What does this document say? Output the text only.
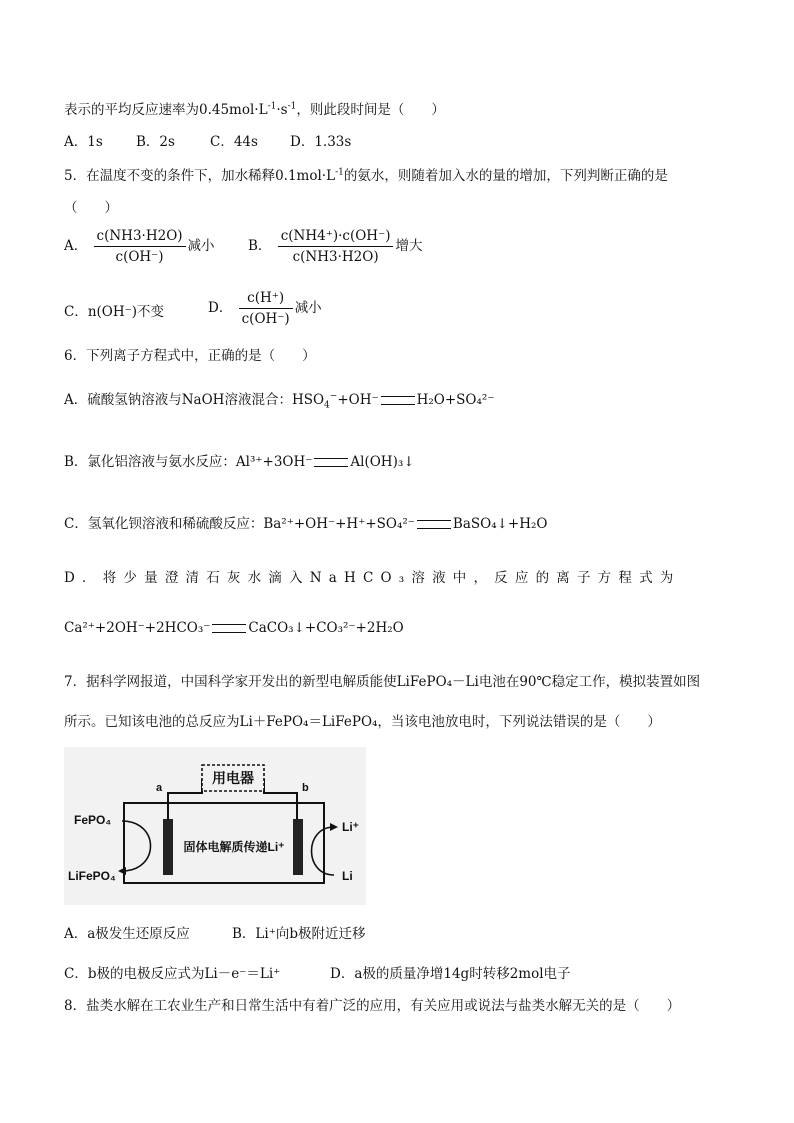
表示的平均反应速率为$0.45mol\cdot L^{-1}\cdot s^{-1}$，则此段时间是（　　）
A．1s B．2s	C．44s D．1.33s
5．在温度不变的条件下，加水稀释$0.1mol\cdot L^{-1}$的氨水，则随着加入水的量的增加，下列判断正确的是
（　　）
A． $\frac{c(NH3\cdot H2O)}{c(OH^-)}$ 减小 B． $\frac{c(NH4^+)\cdot c(OH^-)}{c(NH3\cdot H2O)}$ 增大
C．n(OH⁻)不变	D． $\frac{c(H^+)}{c(OH^-)}$ 减小
6．下列离子方程式中，正确的是（　　）
A．硫酸氢钠溶液与NaOH溶液混合：$HSO_4^-+OH^-$	H₂O+SO₄²⁻
B．氯化铝溶液与氨水反应：Al³⁺+3OH⁻	Al(OH)₃↓
C．氢氧化钡溶液和稀硫酸反应：Ba²⁺+OH⁻+H⁺+SO₄²⁻	BaSO₄↓+H₂O
D．将少量澄清石灰水滴入NaHCO₃溶液中，反应的离子方程式为
Ca²⁺+2OH⁻+2HCO₃⁻	CaCO₃↓+CO₃²⁻+2H₂O
7．据科学网报道，中国科学家开发出的新型电解质能使LiFePO₄－Li电池在90℃稳定工作，模拟装置如图
所示。已知该电池的总反应为Li＋FePO₄＝LiFePO₄，当该电池放电时，下列说法错误的是（　　）
用电器
a	b
FePO₄
LiFePO₄
Li⁺
Li
固体电解质传递Li⁺
A．a极发生还原反应	B．Li⁺向b极附近迁移
C．b极的电极反应式为Li－e⁻＝Li⁺	D．a极的质量净增14g时转移2mol电子
8．盐类水解在工农业生产和日常生活中有着广泛的应用，有关应用或说法与盐类水解无关的是（　　）
